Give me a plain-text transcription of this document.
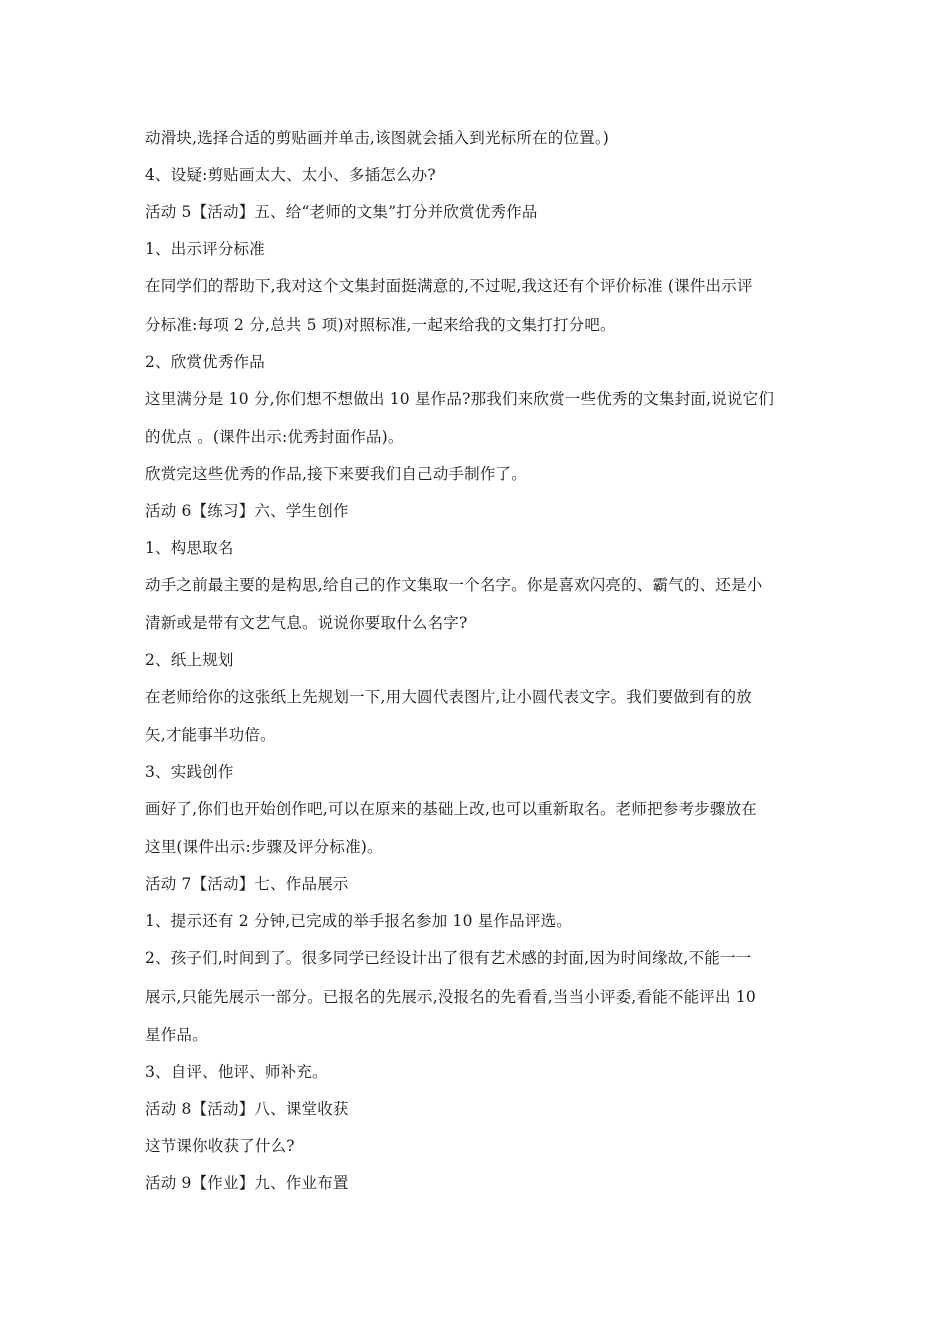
动滑块,选择合适的剪贴画并单击,该图就会插入到光标所在的位置。)
4、设疑:剪贴画太大、太小、多插怎么办?
活动 5【活动】五、给“老师的文集”打分并欣赏优秀作品
1、出示评分标准
在同学们的帮助下,我对这个文集封面挺满意的,不过呢,我这还有个评价标准 (课件出示评
分标准:每项 2 分,总共 5 项)对照标准,一起来给我的文集打打分吧。
2、欣赏优秀作品
这里满分是 10 分,你们想不想做出 10 星作品?那我们来欣赏一些优秀的文集封面,说说它们
的优点 。(课件出示:优秀封面作品)。
欣赏完这些优秀的作品,接下来要我们自己动手制作了。
活动 6【练习】六、学生创作
1、构思取名
动手之前最主要的是构思,给自己的作文集取一个名字。你是喜欢闪亮的、霸气的、还是小
清新或是带有文艺气息。说说你要取什么名字?
2、纸上规划
在老师给你的这张纸上先规划一下,用大圆代表图片,让小圆代表文字。我们要做到有的放
矢,才能事半功倍。
3、实践创作
画好了,你们也开始创作吧,可以在原来的基础上改,也可以重新取名。老师把参考步骤放在
这里(课件出示:步骤及评分标准)。
活动 7【活动】七、作品展示
1、提示还有 2 分钟,已完成的举手报名参加 10 星作品评选。
2、孩子们,时间到了。很多同学已经设计出了很有艺术感的封面,因为时间缘故,不能一一
展示,只能先展示一部分。已报名的先展示,没报名的先看看,当当小评委,看能不能评出 10
星作品。
3、自评、他评、师补充。
活动 8【活动】八、课堂收获
这节课你收获了什么?
活动 9【作业】九、作业布置
